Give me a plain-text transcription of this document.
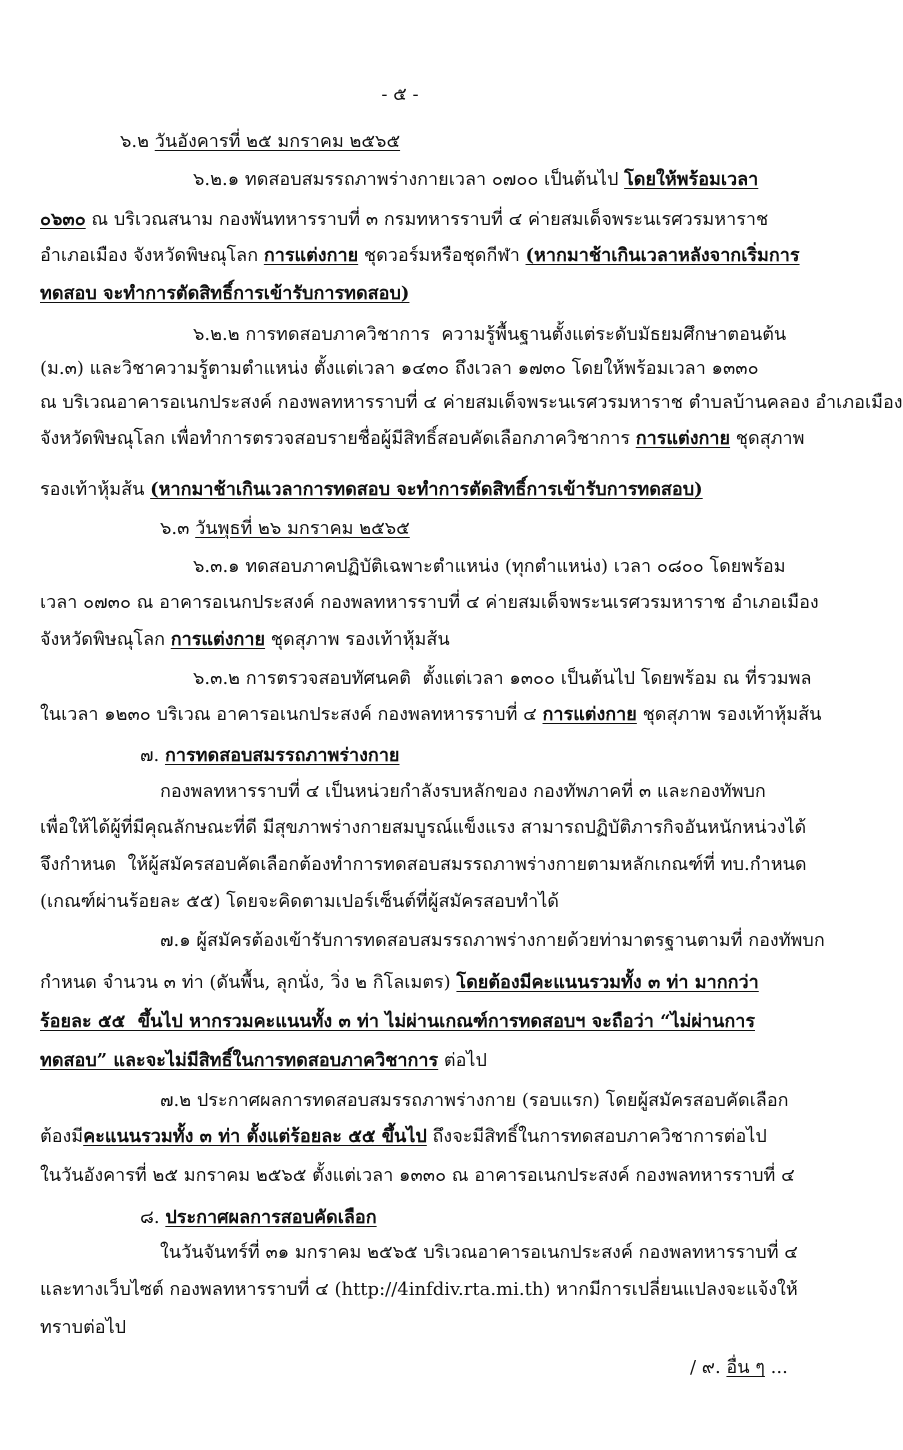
- ๕ -
๖.๒ วันอังคารที่ ๒๕ มกราคม ๒๕๖๕
๖.๒.๑ ทดสอบสมรรถภาพร่างกายเวลา ๐๗๐๐ เป็นต้นไป โดยให้พร้อมเวลา
๐๖๓๐ ณ บริเวณสนาม กองพันทหารราบที่ ๓ กรมทหารราบที่ ๔ ค่ายสมเด็จพระนเรศวรมหาราช
อำเภอเมือง จังหวัดพิษณุโลก การแต่งกาย ชุดวอร์มหรือชุดกีฬา (หากมาช้าเกินเวลาหลังจากเริ่มการ
ทดสอบ จะทำการตัดสิทธิ์การเข้ารับการทดสอบ)
๖.๒.๒ การทดสอบภาควิชาการ  ความรู้พื้นฐานตั้งแต่ระดับมัธยมศึกษาตอนต้น
(ม.๓) และวิชาความรู้ตามตำแหน่ง ตั้งแต่เวลา ๑๔๓๐ ถึงเวลา ๑๗๓๐ โดยให้พร้อมเวลา ๑๓๓๐
ณ บริเวณอาคารอเนกประสงค์ กองพลทหารราบที่ ๔ ค่ายสมเด็จพระนเรศวรมหาราช ตำบลบ้านคลอง อำเภอเมือง
จังหวัดพิษณุโลก เพื่อทำการตรวจสอบรายชื่อผู้มีสิทธิ์สอบคัดเลือกภาควิชาการ การแต่งกาย ชุดสุภาพ
รองเท้าหุ้มส้น (หากมาช้าเกินเวลาการทดสอบ จะทำการตัดสิทธิ์การเข้ารับการทดสอบ)
๖.๓ วันพุธที่ ๒๖ มกราคม ๒๕๖๕
๖.๓.๑ ทดสอบภาคปฏิบัติเฉพาะตำแหน่ง (ทุกตำแหน่ง) เวลา ๐๘๐๐ โดยพร้อม
เวลา ๐๗๓๐ ณ อาคารอเนกประสงค์ กองพลทหารราบที่ ๔ ค่ายสมเด็จพระนเรศวรมหาราช อำเภอเมือง
จังหวัดพิษณุโลก การแต่งกาย ชุดสุภาพ รองเท้าหุ้มส้น
๖.๓.๒ การตรวจสอบทัศนคติ  ตั้งแต่เวลา ๑๓๐๐ เป็นต้นไป โดยพร้อม ณ ที่รวมพล
ในเวลา ๑๒๓๐ บริเวณ อาคารอเนกประสงค์ กองพลทหารราบที่ ๔ การแต่งกาย ชุดสุภาพ รองเท้าหุ้มส้น
๗. การทดสอบสมรรถภาพร่างกาย
กองพลทหารราบที่ ๔ เป็นหน่วยกำลังรบหลักของ กองทัพภาคที่ ๓ และกองทัพบก
เพื่อให้ได้ผู้ที่มีคุณลักษณะที่ดี มีสุขภาพร่างกายสมบูรณ์แข็งแรง สามารถปฏิบัติภารกิจอันหนักหน่วงได้
จึงกำหนด  ให้ผู้สมัครสอบคัดเลือกต้องทำการทดสอบสมรรถภาพร่างกายตามหลักเกณฑ์ที่ ทบ.กำหนด
(เกณฑ์ผ่านร้อยละ ๕๕) โดยจะคิดตามเปอร์เซ็นต์ที่ผู้สมัครสอบทำได้
๗.๑ ผู้สมัครต้องเข้ารับการทดสอบสมรรถภาพร่างกายด้วยท่ามาตรฐานตามที่ กองทัพบก
กำหนด จำนวน ๓ ท่า (ดันพื้น, ลุกนั่ง, วิ่ง ๒ กิโลเมตร) โดยต้องมีคะแนนรวมทั้ง ๓ ท่า มากกว่า
ร้อยละ ๕๕  ขึ้นไป หากรวมคะแนนทั้ง ๓ ท่า ไม่ผ่านเกณฑ์การทดสอบฯ จะถือว่า “ไม่ผ่านการ
ทดสอบ” และจะไม่มีสิทธิ์ในการทดสอบภาควิชาการ ต่อไป
๗.๒ ประกาศผลการทดสอบสมรรถภาพร่างกาย (รอบแรก) โดยผู้สมัครสอบคัดเลือก
ต้องมีคะแนนรวมทั้ง ๓ ท่า ตั้งแต่ร้อยละ ๕๕ ขึ้นไป ถึงจะมีสิทธิ์ในการทดสอบภาควิชาการต่อไป
ในวันอังคารที่ ๒๕ มกราคม ๒๕๖๕ ตั้งแต่เวลา ๑๓๓๐ ณ อาคารอเนกประสงค์ กองพลทหารราบที่ ๔
๘. ประกาศผลการสอบคัดเลือก
ในวันจันทร์ที่ ๓๑ มกราคม ๒๕๖๕ บริเวณอาคารอเนกประสงค์ กองพลทหารราบที่ ๔
และทางเว็บไซต์ กองพลทหารราบที่ ๔ (http://4infdiv.rta.mi.th) หากมีการเปลี่ยนแปลงจะแจ้งให้
ทราบต่อไป
/ ๙. อื่น ๆ ...
